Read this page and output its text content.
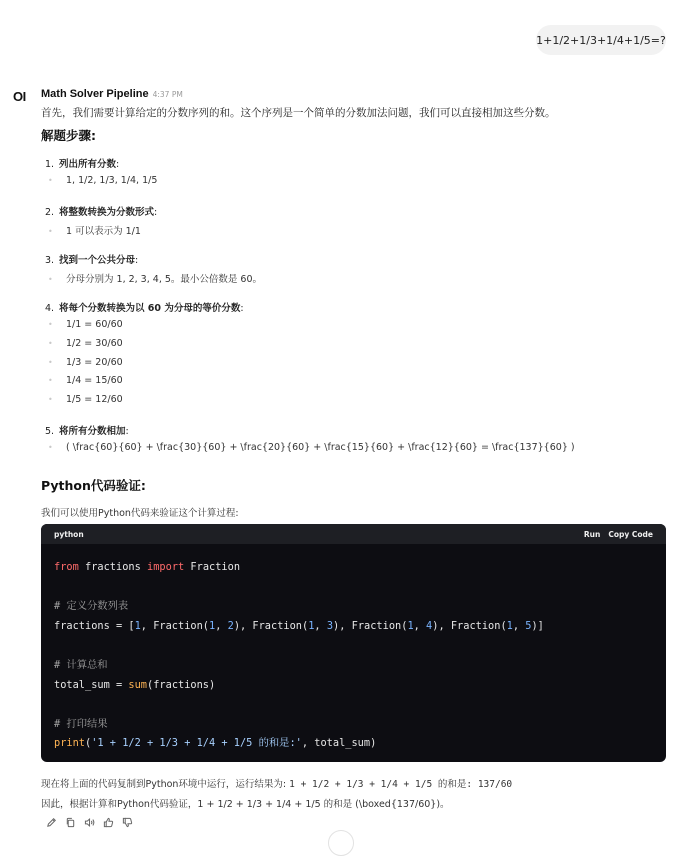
1+1/2+1/3+1/4+1/5=?
OI Math Solver Pipeline 4:37 PM
首先，我们需要计算给定的分数序列的和。这个序列是一个简单的分数加法问题，我们可以直接相加这些分数。
解题步骤:
1. 列出所有分数:
• 1, 1/2, 1/3, 1/4, 1/5
2. 将整数转换为分数形式:
• 1 可以表示为 1/1
3. 找到一个公共分母:
• 分母分别为 1, 2, 3, 4, 5。最小公倍数是 60。
4. 将每个分数转换为以 60 为分母的等价分数:
• 1/1 = 60/60
• 1/2 = 30/60
• 1/3 = 20/60
• 1/4 = 15/60
• 1/5 = 12/60
5. 将所有分数相加:
• ( \frac{60}{60} + \frac{30}{60} + \frac{20}{60} + \frac{15}{60} + \frac{12}{60} = \frac{137}{60} )
Python代码验证:
我们可以使用Python代码来验证这个计算过程:
python	Run Copy Code
from fractions import Fraction

# 定义分数列表
fractions = [1, Fraction(1, 2), Fraction(1, 3), Fraction(1, 4), Fraction(1, 5)]

# 计算总和
total_sum = sum(fractions)

# 打印结果
print('1 + 1/2 + 1/3 + 1/4 + 1/5 的和是:', total_sum)
现在将上面的代码复制到Python环境中运行，运行结果为: 1 + 1/2 + 1/3 + 1/4 + 1/5 的和是: 137/60
因此，根据计算和Python代码验证，1 + 1/2 + 1/3 + 1/4 + 1/5 的和是 (\boxed{137/60})。
